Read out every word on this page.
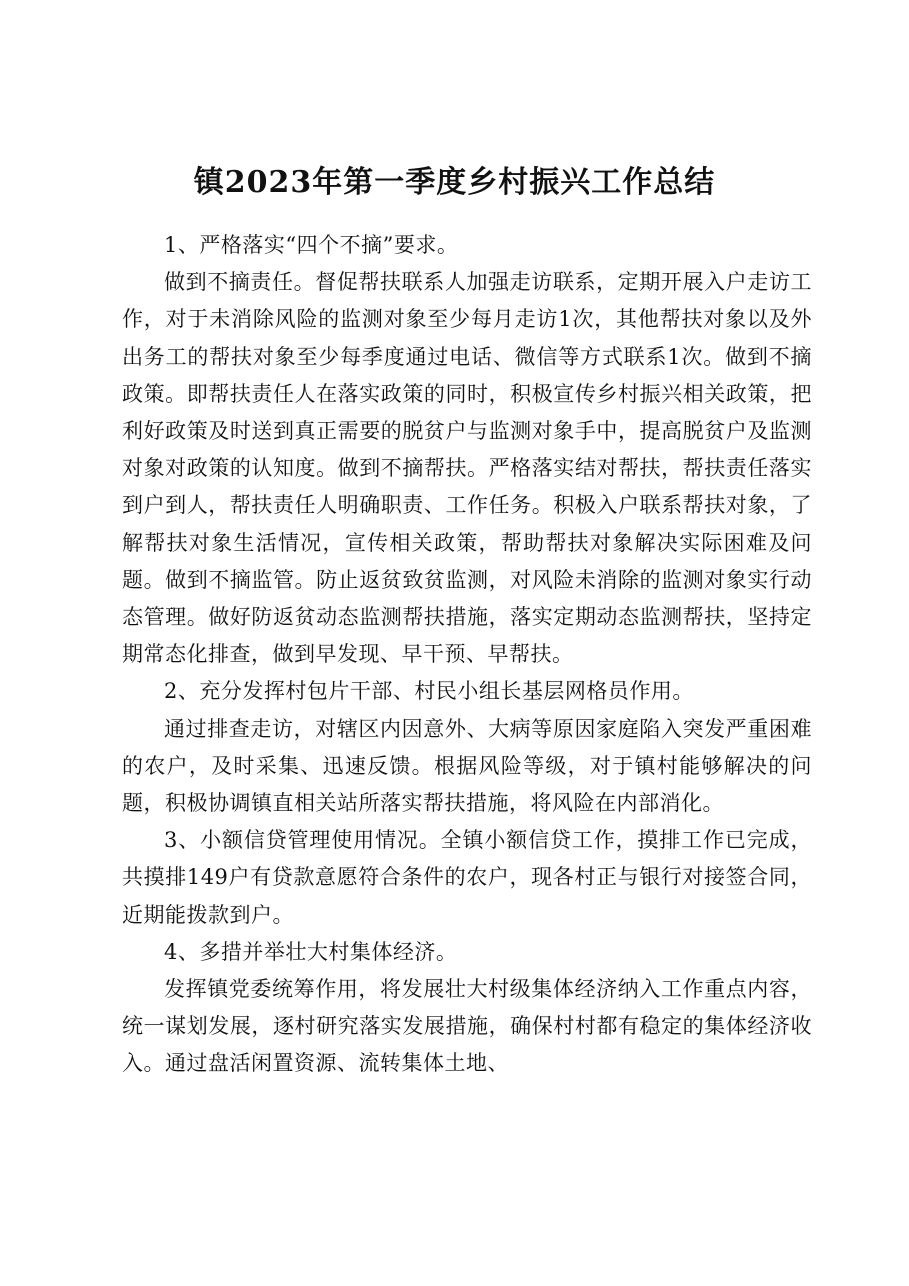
镇2023年第一季度乡村振兴工作总结

1、严格落实“四个不摘”要求。

做到不摘责任。督促帮扶联系人加强走访联系，定期开展入户走访工作，对于未消除风险的监测对象至少每月走访1次，其他帮扶对象以及外出务工的帮扶对象至少每季度通过电话、微信等方式联系1次。做到不摘政策。即帮扶责任人在落实政策的同时，积极宣传乡村振兴相关政策，把利好政策及时送到真正需要的脱贫户与监测对象手中，提高脱贫户及监测对象对政策的认知度。做到不摘帮扶。严格落实结对帮扶，帮扶责任落实到户到人，帮扶责任人明确职责、工作任务。积极入户联系帮扶对象，了解帮扶对象生活情况，宣传相关政策，帮助帮扶对象解决实际困难及问题。做到不摘监管。防止返贫致贫监测，对风险未消除的监测对象实行动态管理。做好防返贫动态监测帮扶措施，落实定期动态监测帮扶，坚持定期常态化排查，做到早发现、早干预、早帮扶。

2、充分发挥村包片干部、村民小组长基层网格员作用。

通过排查走访，对辖区内因意外、大病等原因家庭陷入突发严重困难的农户，及时采集、迅速反馈。根据风险等级，对于镇村能够解决的问题，积极协调镇直相关站所落实帮扶措施，将风险在内部消化。

3、小额信贷管理使用情况。全镇小额信贷工作，摸排工作已完成，共摸排149户有贷款意愿符合条件的农户，现各村正与银行对接签合同，近期能拨款到户。

4、多措并举壮大村集体经济。

发挥镇党委统筹作用，将发展壮大村级集体经济纳入工作重点内容，统一谋划发展，逐村研究落实发展措施，确保村村都有稳定的集体经济收入。通过盘活闲置资源、流转集体土地、
